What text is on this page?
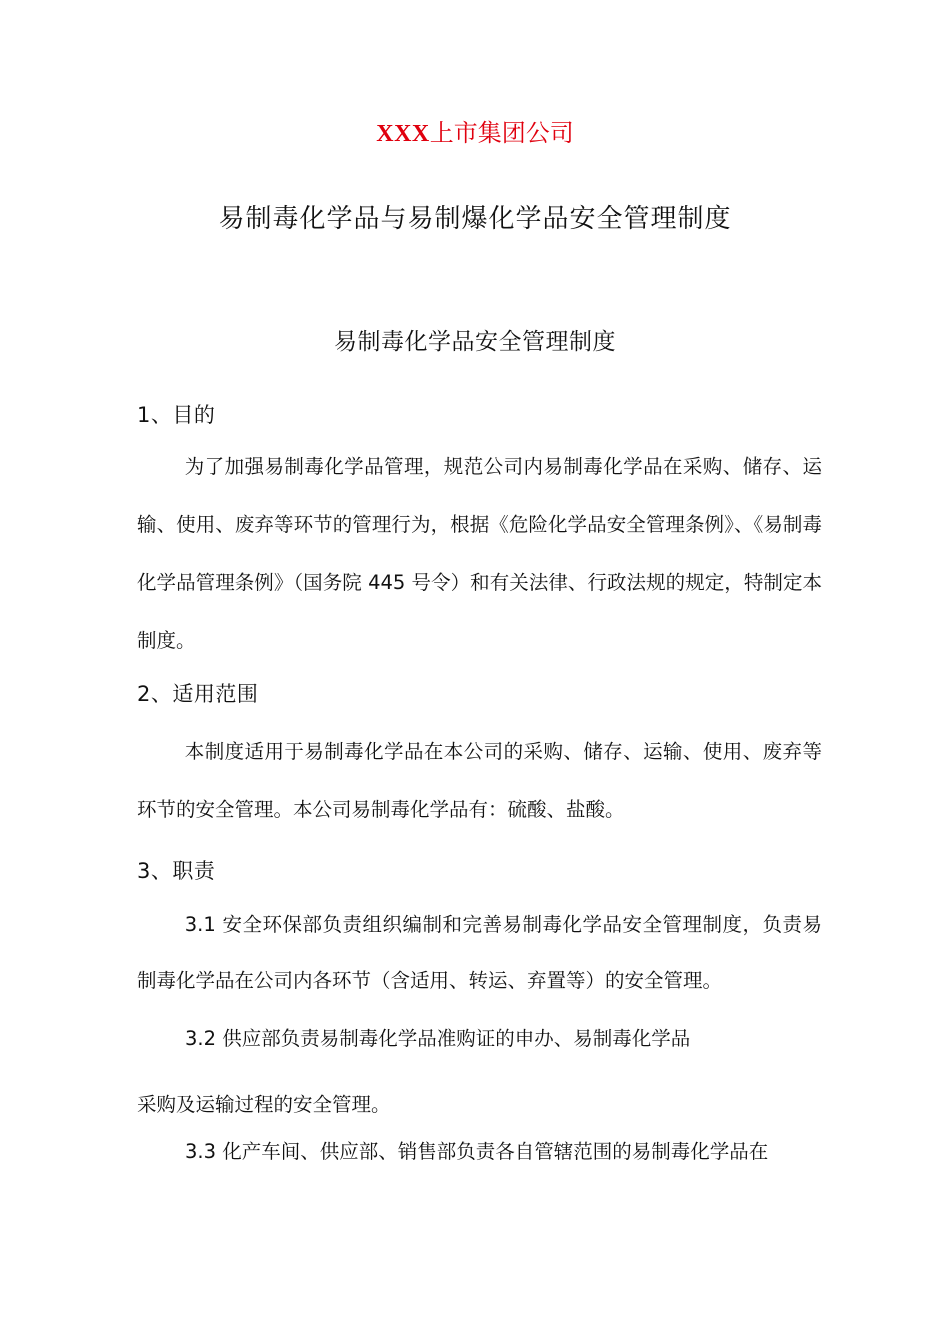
XXX上市集团公司
易制毒化学品与易制爆化学品安全管理制度
易制毒化学品安全管理制度
1、目的

为了加强易制毒化学品管理，规范公司内易制毒化学品在采购、储存、运输、使用、废弃等环节的管理行为，根据《危险化学品安全管理条例》、《易制毒化学品管理条例》（国务院 445 号令）和有关法律、行政法规的规定，特制定本制度。

2、适用范围

本制度适用于易制毒化学品在本公司的采购、储存、运输、使用、废弃等环节的安全管理。本公司易制毒化学品有：硫酸、盐酸。

3、职责

3.1 安全环保部负责组织编制和完善易制毒化学品安全管理制度，负责易制毒化学品在公司内各环节（含适用、转运、弃置等）的安全管理。

3.2 供应部负责易制毒化学品准购证的申办、易制毒化学品
采购及运输过程的安全管理。
3.3 化产车间、供应部、销售部负责各自管辖范围的易制毒化学品在
